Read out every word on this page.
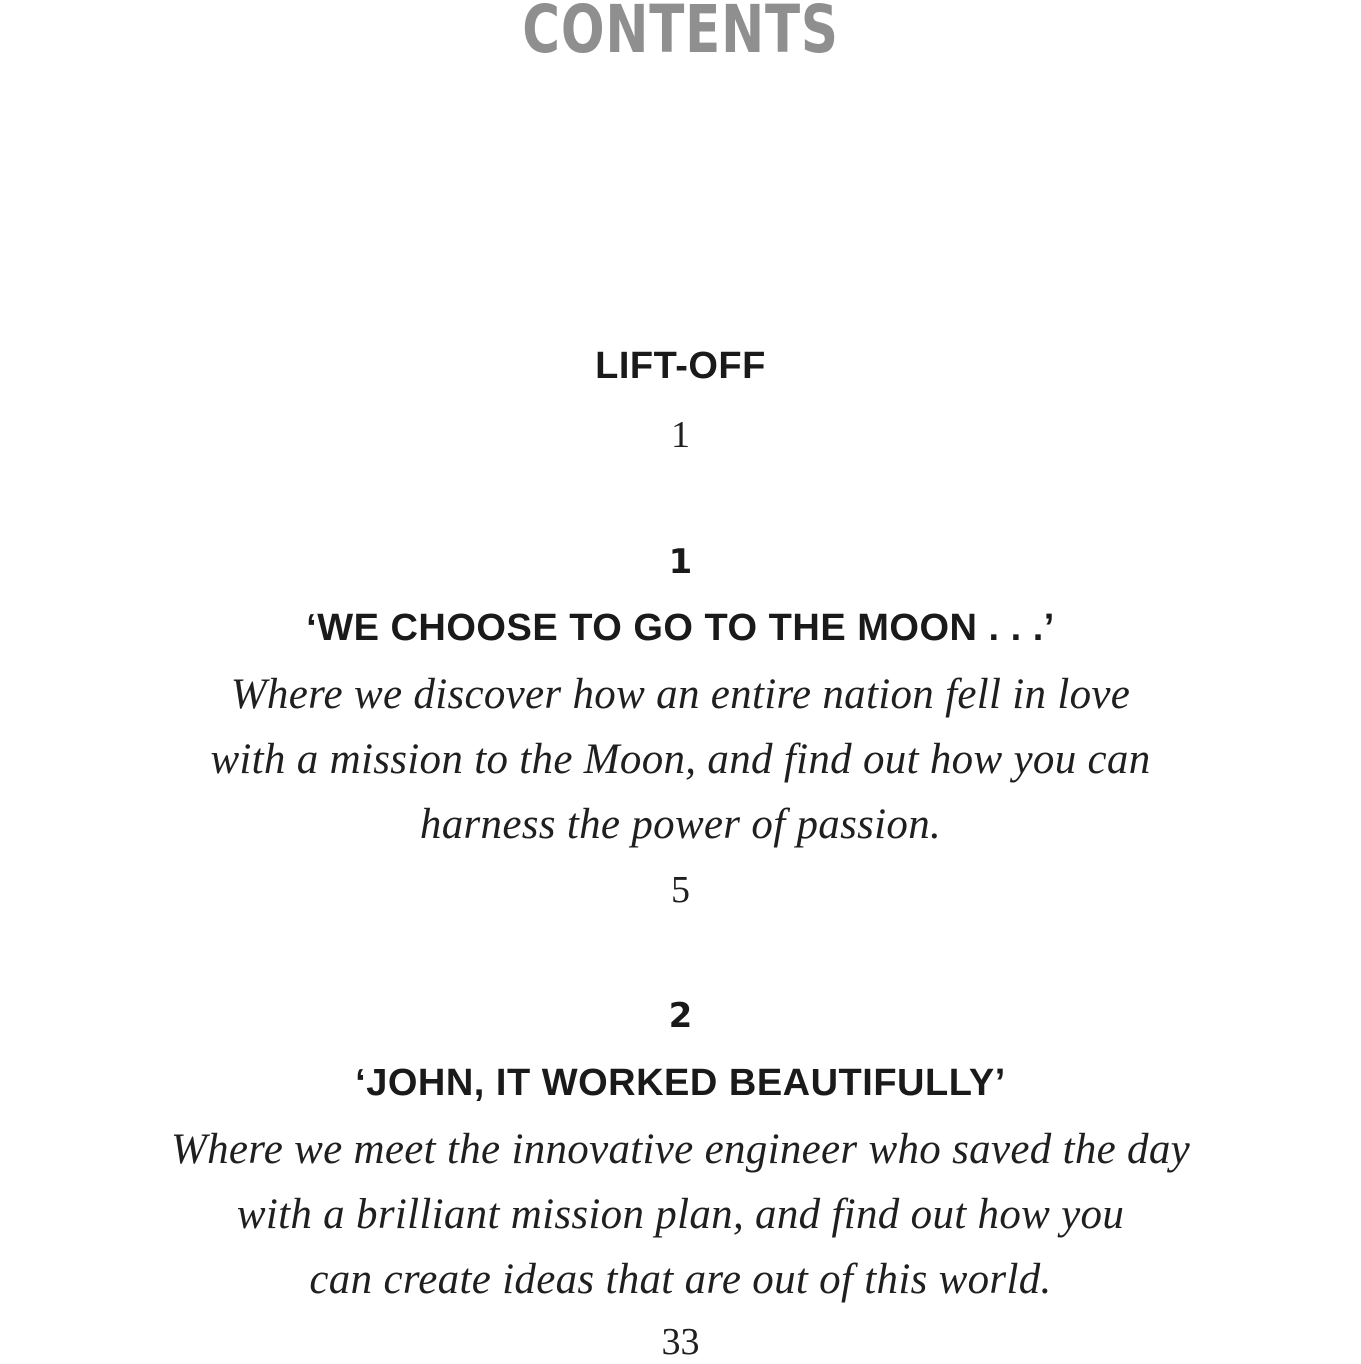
CONTENTS
LIFT-OFF
1
1
‘WE CHOOSE TO GO TO THE MOON . . .’
Where we discover how an entire nation fell in love
with a mission to the Moon, and find out how you can
harness the power of passion.
5
2
‘JOHN, IT WORKED BEAUTIFULLY’
Where we meet the innovative engineer who saved the day
with a brilliant mission plan, and find out how you
can create ideas that are out of this world.
33
